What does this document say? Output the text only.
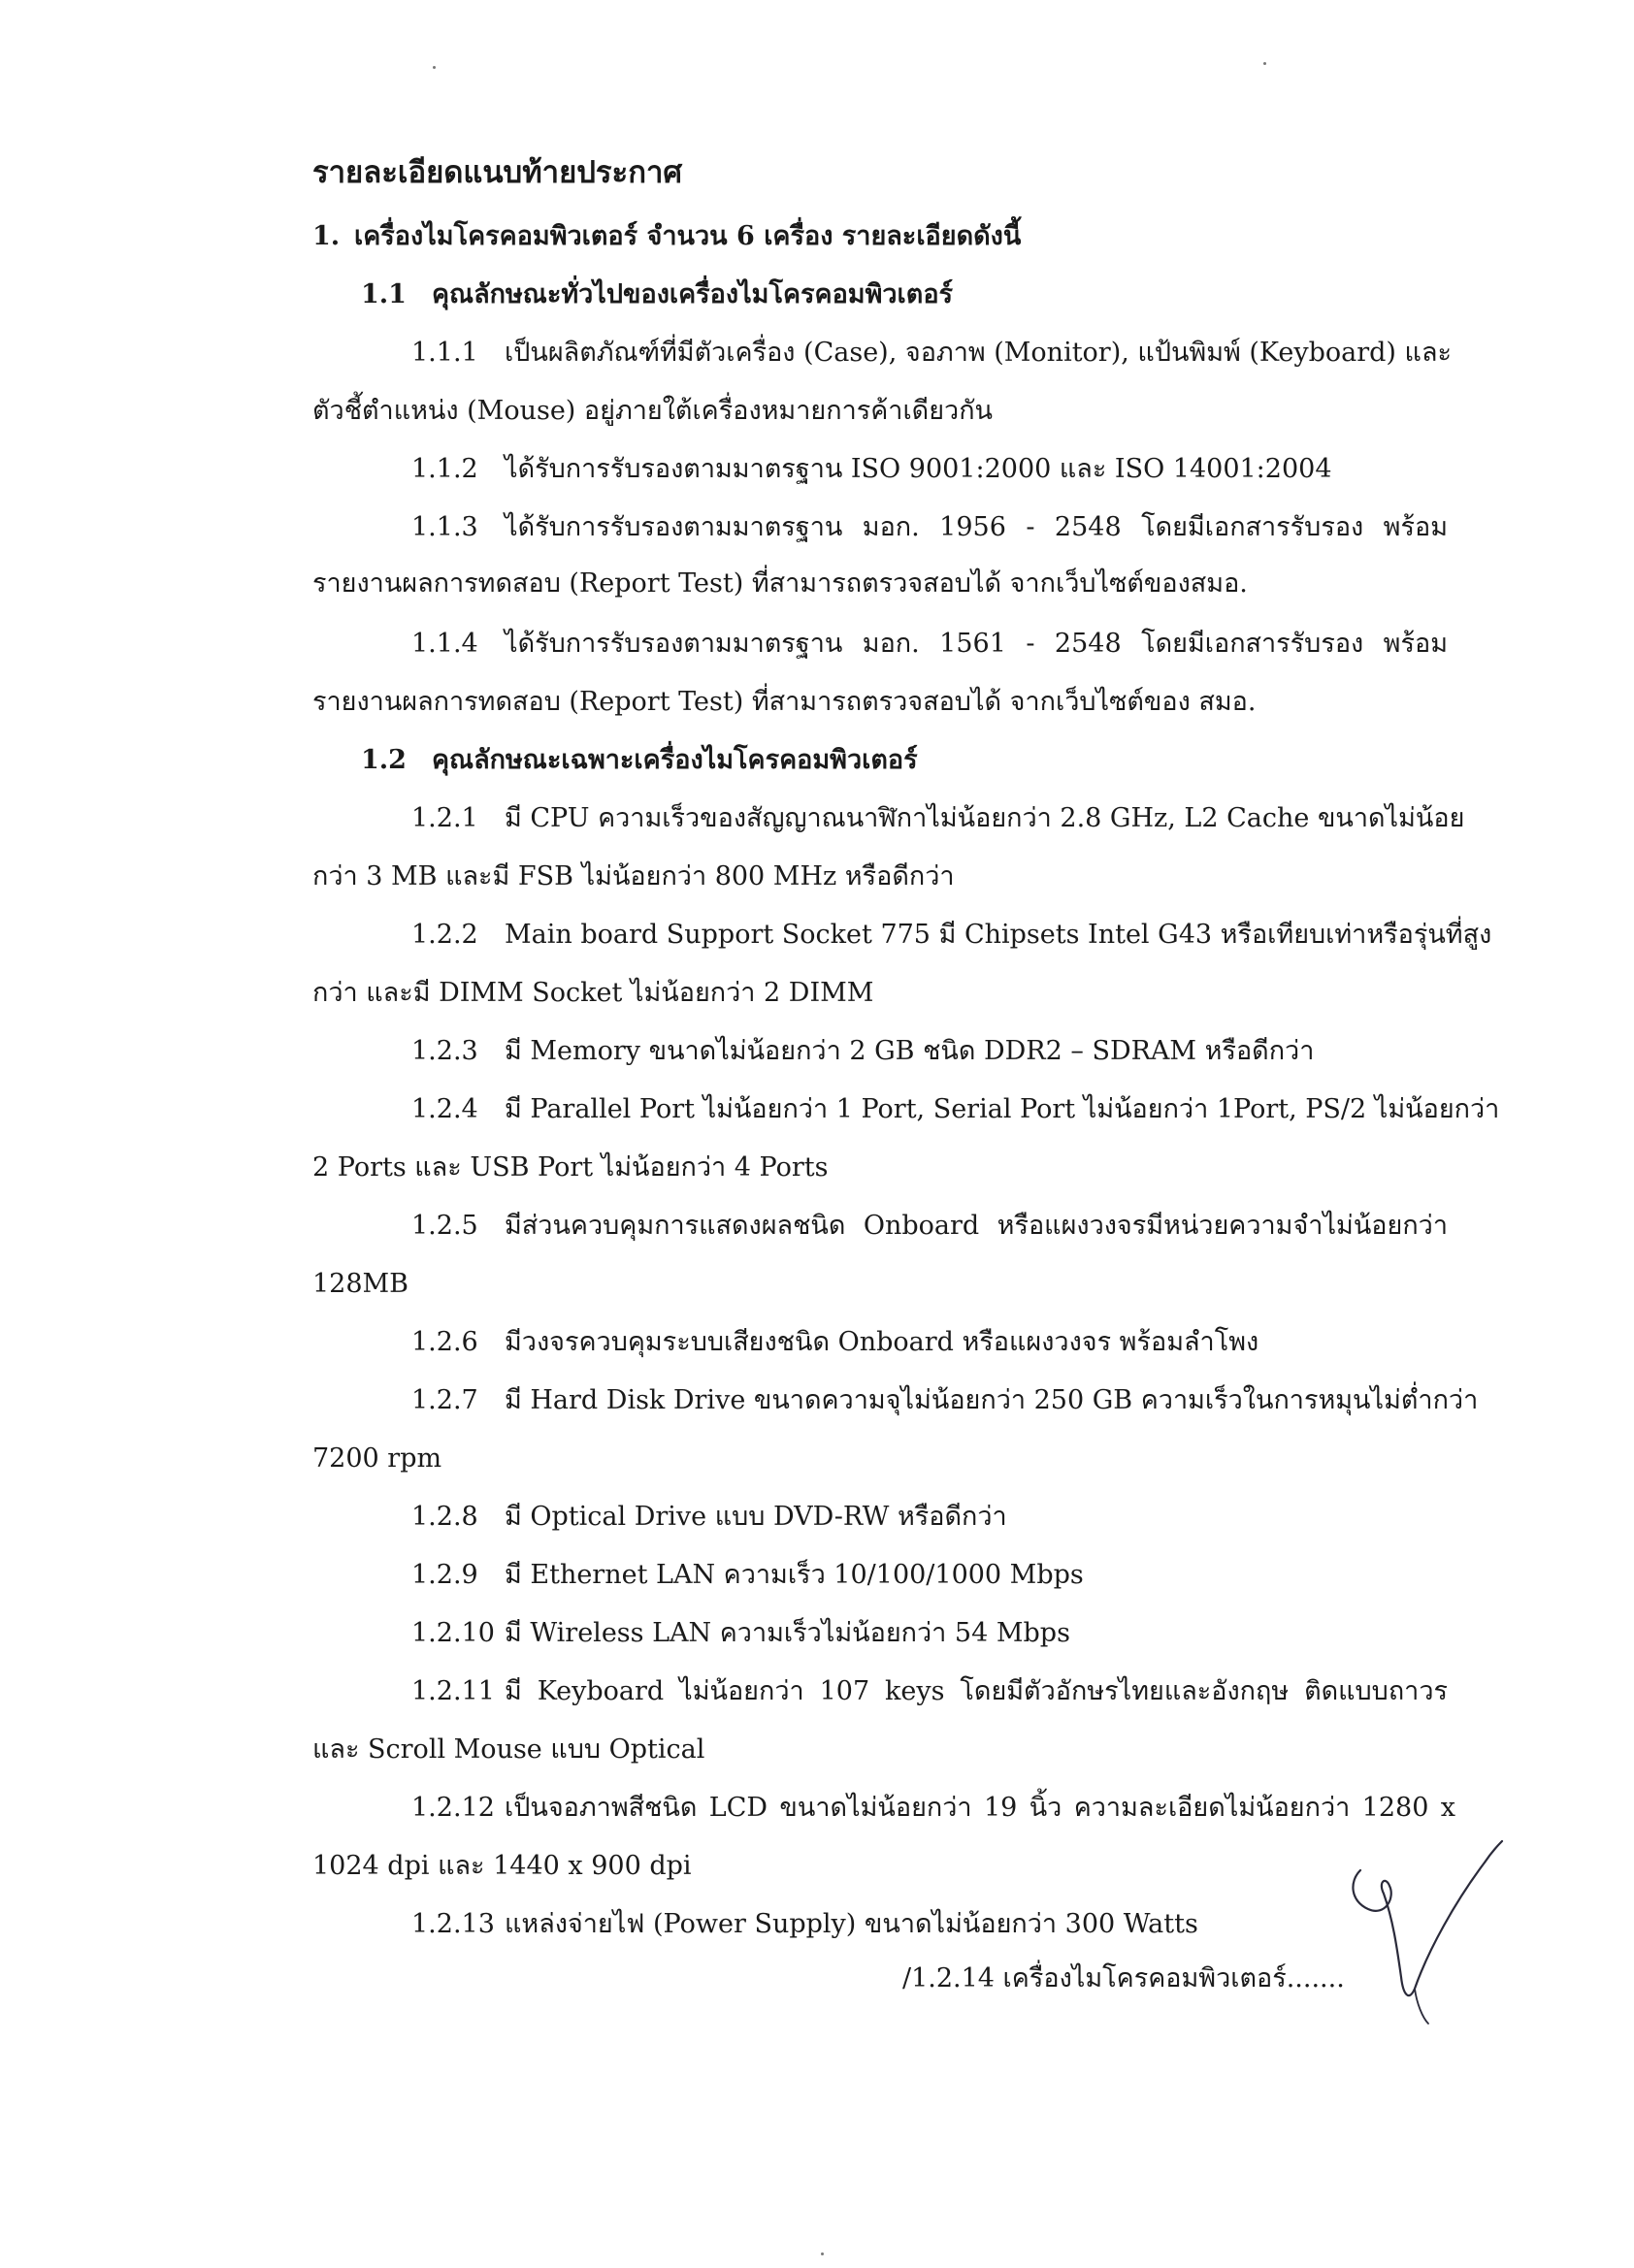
รายละเอียดแนบท้ายประกาศ
1. เครื่องไมโครคอมพิวเตอร์ จำนวน 6 เครื่อง รายละเอียดดังนี้
1.1 คุณลักษณะทั่วไปของเครื่องไมโครคอมพิวเตอร์
1.1.1 เป็นผลิตภัณฑ์ที่มีตัวเครื่อง (Case), จอภาพ (Monitor), แป้นพิมพ์ (Keyboard) และ
ตัวชี้ตำแหน่ง (Mouse) อยู่ภายใต้เครื่องหมายการค้าเดียวกัน
1.1.2 ได้รับการรับรองตามมาตรฐาน ISO 9001:2000 และ ISO 14001:2004
1.1.3 ได้รับการรับรองตามมาตรฐาน มอก. 1956 - 2548 โดยมีเอกสารรับรอง พร้อม
รายงานผลการทดสอบ (Report Test) ที่สามารถตรวจสอบได้ จากเว็บไซต์ของสมอ.
1.1.4 ได้รับการรับรองตามมาตรฐาน มอก. 1561 - 2548 โดยมีเอกสารรับรอง พร้อม
รายงานผลการทดสอบ (Report Test) ที่สามารถตรวจสอบได้ จากเว็บไซต์ของ สมอ.
1.2 คุณลักษณะเฉพาะเครื่องไมโครคอมพิวเตอร์
1.2.1 มี CPU ความเร็วของสัญญาณนาฬิกาไม่น้อยกว่า 2.8 GHz, L2 Cache ขนาดไม่น้อย
กว่า 3 MB และมี FSB ไม่น้อยกว่า 800 MHz หรือดีกว่า
1.2.2 Main board Support Socket 775 มี Chipsets Intel G43 หรือเทียบเท่าหรือรุ่นที่สูง
กว่า และมี DIMM Socket ไม่น้อยกว่า 2 DIMM
1.2.3 มี Memory ขนาดไม่น้อยกว่า 2 GB ชนิด DDR2 – SDRAM หรือดีกว่า
1.2.4 มี Parallel Port ไม่น้อยกว่า 1 Port, Serial Port ไม่น้อยกว่า 1Port, PS/2 ไม่น้อยกว่า
2 Ports และ USB Port ไม่น้อยกว่า 4 Ports
1.2.5 มีส่วนควบคุมการแสดงผลชนิด Onboard หรือแผงวงจรมีหน่วยความจำไม่น้อยกว่า
128MB
1.2.6 มีวงจรควบคุมระบบเสียงชนิด Onboard หรือแผงวงจร พร้อมลำโพง
1.2.7 มี Hard Disk Drive ขนาดความจุไม่น้อยกว่า 250 GB ความเร็วในการหมุนไม่ต่ำกว่า
7200 rpm
1.2.8 มี Optical Drive แบบ DVD-RW หรือดีกว่า
1.2.9 มี Ethernet LAN ความเร็ว 10/100/1000 Mbps
1.2.10 มี Wireless LAN ความเร็วไม่น้อยกว่า 54 Mbps
1.2.11 มี Keyboard ไม่น้อยกว่า 107 keys โดยมีตัวอักษรไทยและอังกฤษ ติดแบบถาวร
และ Scroll Mouse แบบ Optical
1.2.12 เป็นจอภาพสีชนิด LCD ขนาดไม่น้อยกว่า 19 นิ้ว ความละเอียดไม่น้อยกว่า 1280 x
1024 dpi และ 1440 x 900 dpi
1.2.13 แหล่งจ่ายไฟ (Power Supply) ขนาดไม่น้อยกว่า 300 Watts
/1.2.14 เครื่องไมโครคอมพิวเตอร์.......
